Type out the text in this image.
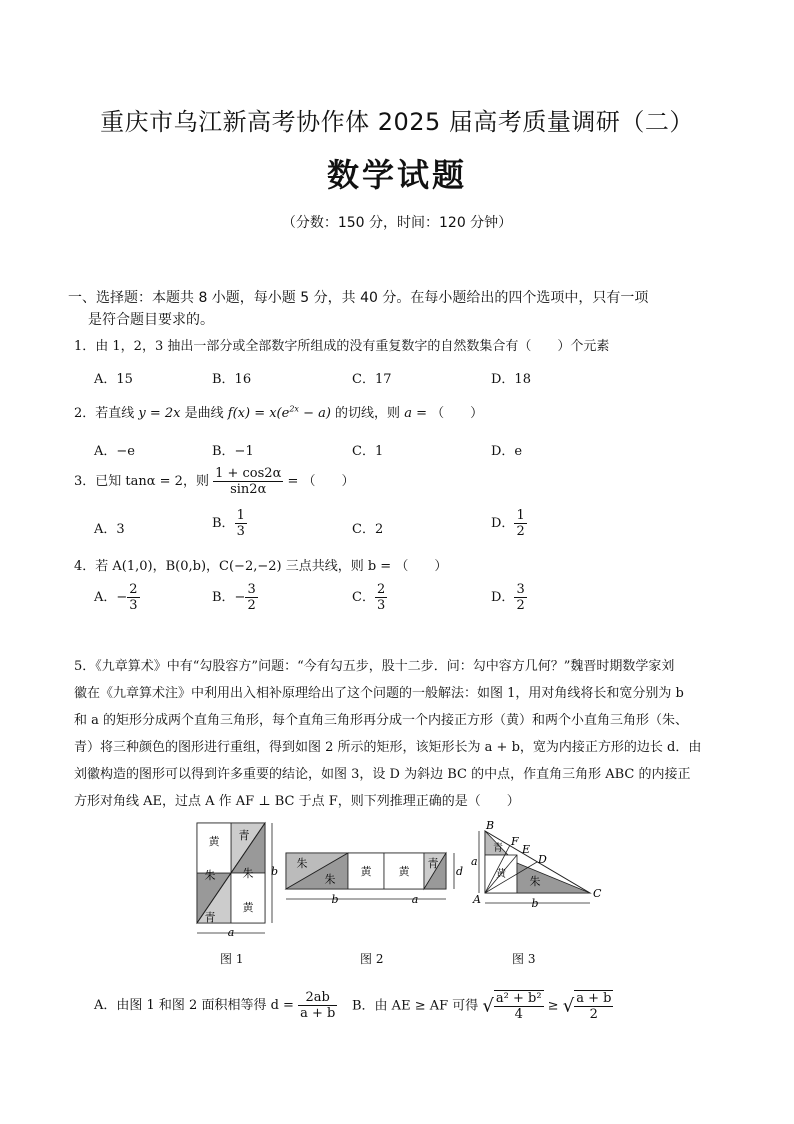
重庆市乌江新高考协作体 2025 届高考质量调研（二）
数学试题
（分数：150 分，时间：120 分钟）
一、选择题：本题共 8 小题，每小题 5 分，共 40 分。在每小题给出的四个选项中，只有一项
是符合题目要求的。
1．由 1，2，3 抽出一部分或全部数字所组成的没有重复数字的自然数集合有（　　）个元素
A．15	B．16	C．17	D．18
2．若直线 y = 2x 是曲线 $f(x) = x(e^{2x} - a)$ 的切线，则 a = （　　）
A．−e	B．−1	C．1	D．e
3．已知 tanα = 2，则 $\frac{1 + \cos 2\alpha}{\sin 2\alpha}$ = （　　）
A．3	B． $\frac{1}{3}$	C．2	D． $\frac{1}{2}$
4．若 A(1,0)，B(0,b)，C(−2,−2) 三点共线，则 b = （　　）
A．− $\frac{2}{3}$	B．− $\frac{3}{2}$	C． $\frac{2}{3}$	D． $\frac{3}{2}$
5．《九章算术》中有“勾股容方”问题：“今有勾五步，股十二步．问：勾中容方几何？”魏晋时期数学家刘
徽在《九章算术注》中利用出入相补原理给出了这个问题的一般解法：如图 1，用对角线将长和宽分别为 b
和 a 的矩形分成两个直角三角形，每个直角三角形再分成一个内接正方形（黄）和两个小直角三角形（朱、
青）将三种颜色的图形进行重组，得到如图 2 所示的矩形，该矩形长为 a + b，宽为内接正方形的边长 d．由
刘徽构造的图形可以得到许多重要的结论，如图 3，设 D 为斜边 BC 的中点，作直角三角形 ABC 的内接正
方形对角线 AE，过点 A 作 AF ⊥ BC 于点 F，则下列推理正确的是（　　）
黄
黄
青
青
朱 朱 b
a
朱
朱
黄 黄
青
d
b	a
B
F
E
D
C
A
青
朱
黄
a
b
图 1	图 2	图 3
A．由图 1 和图 2 面积相等得 $d = \frac{2ab}{a + b}$ B．由 AE ≥ AF 可得 √ $\frac{\text{a² + b²}}{4}$ ≥ √ $\frac{a + b}{2}$
